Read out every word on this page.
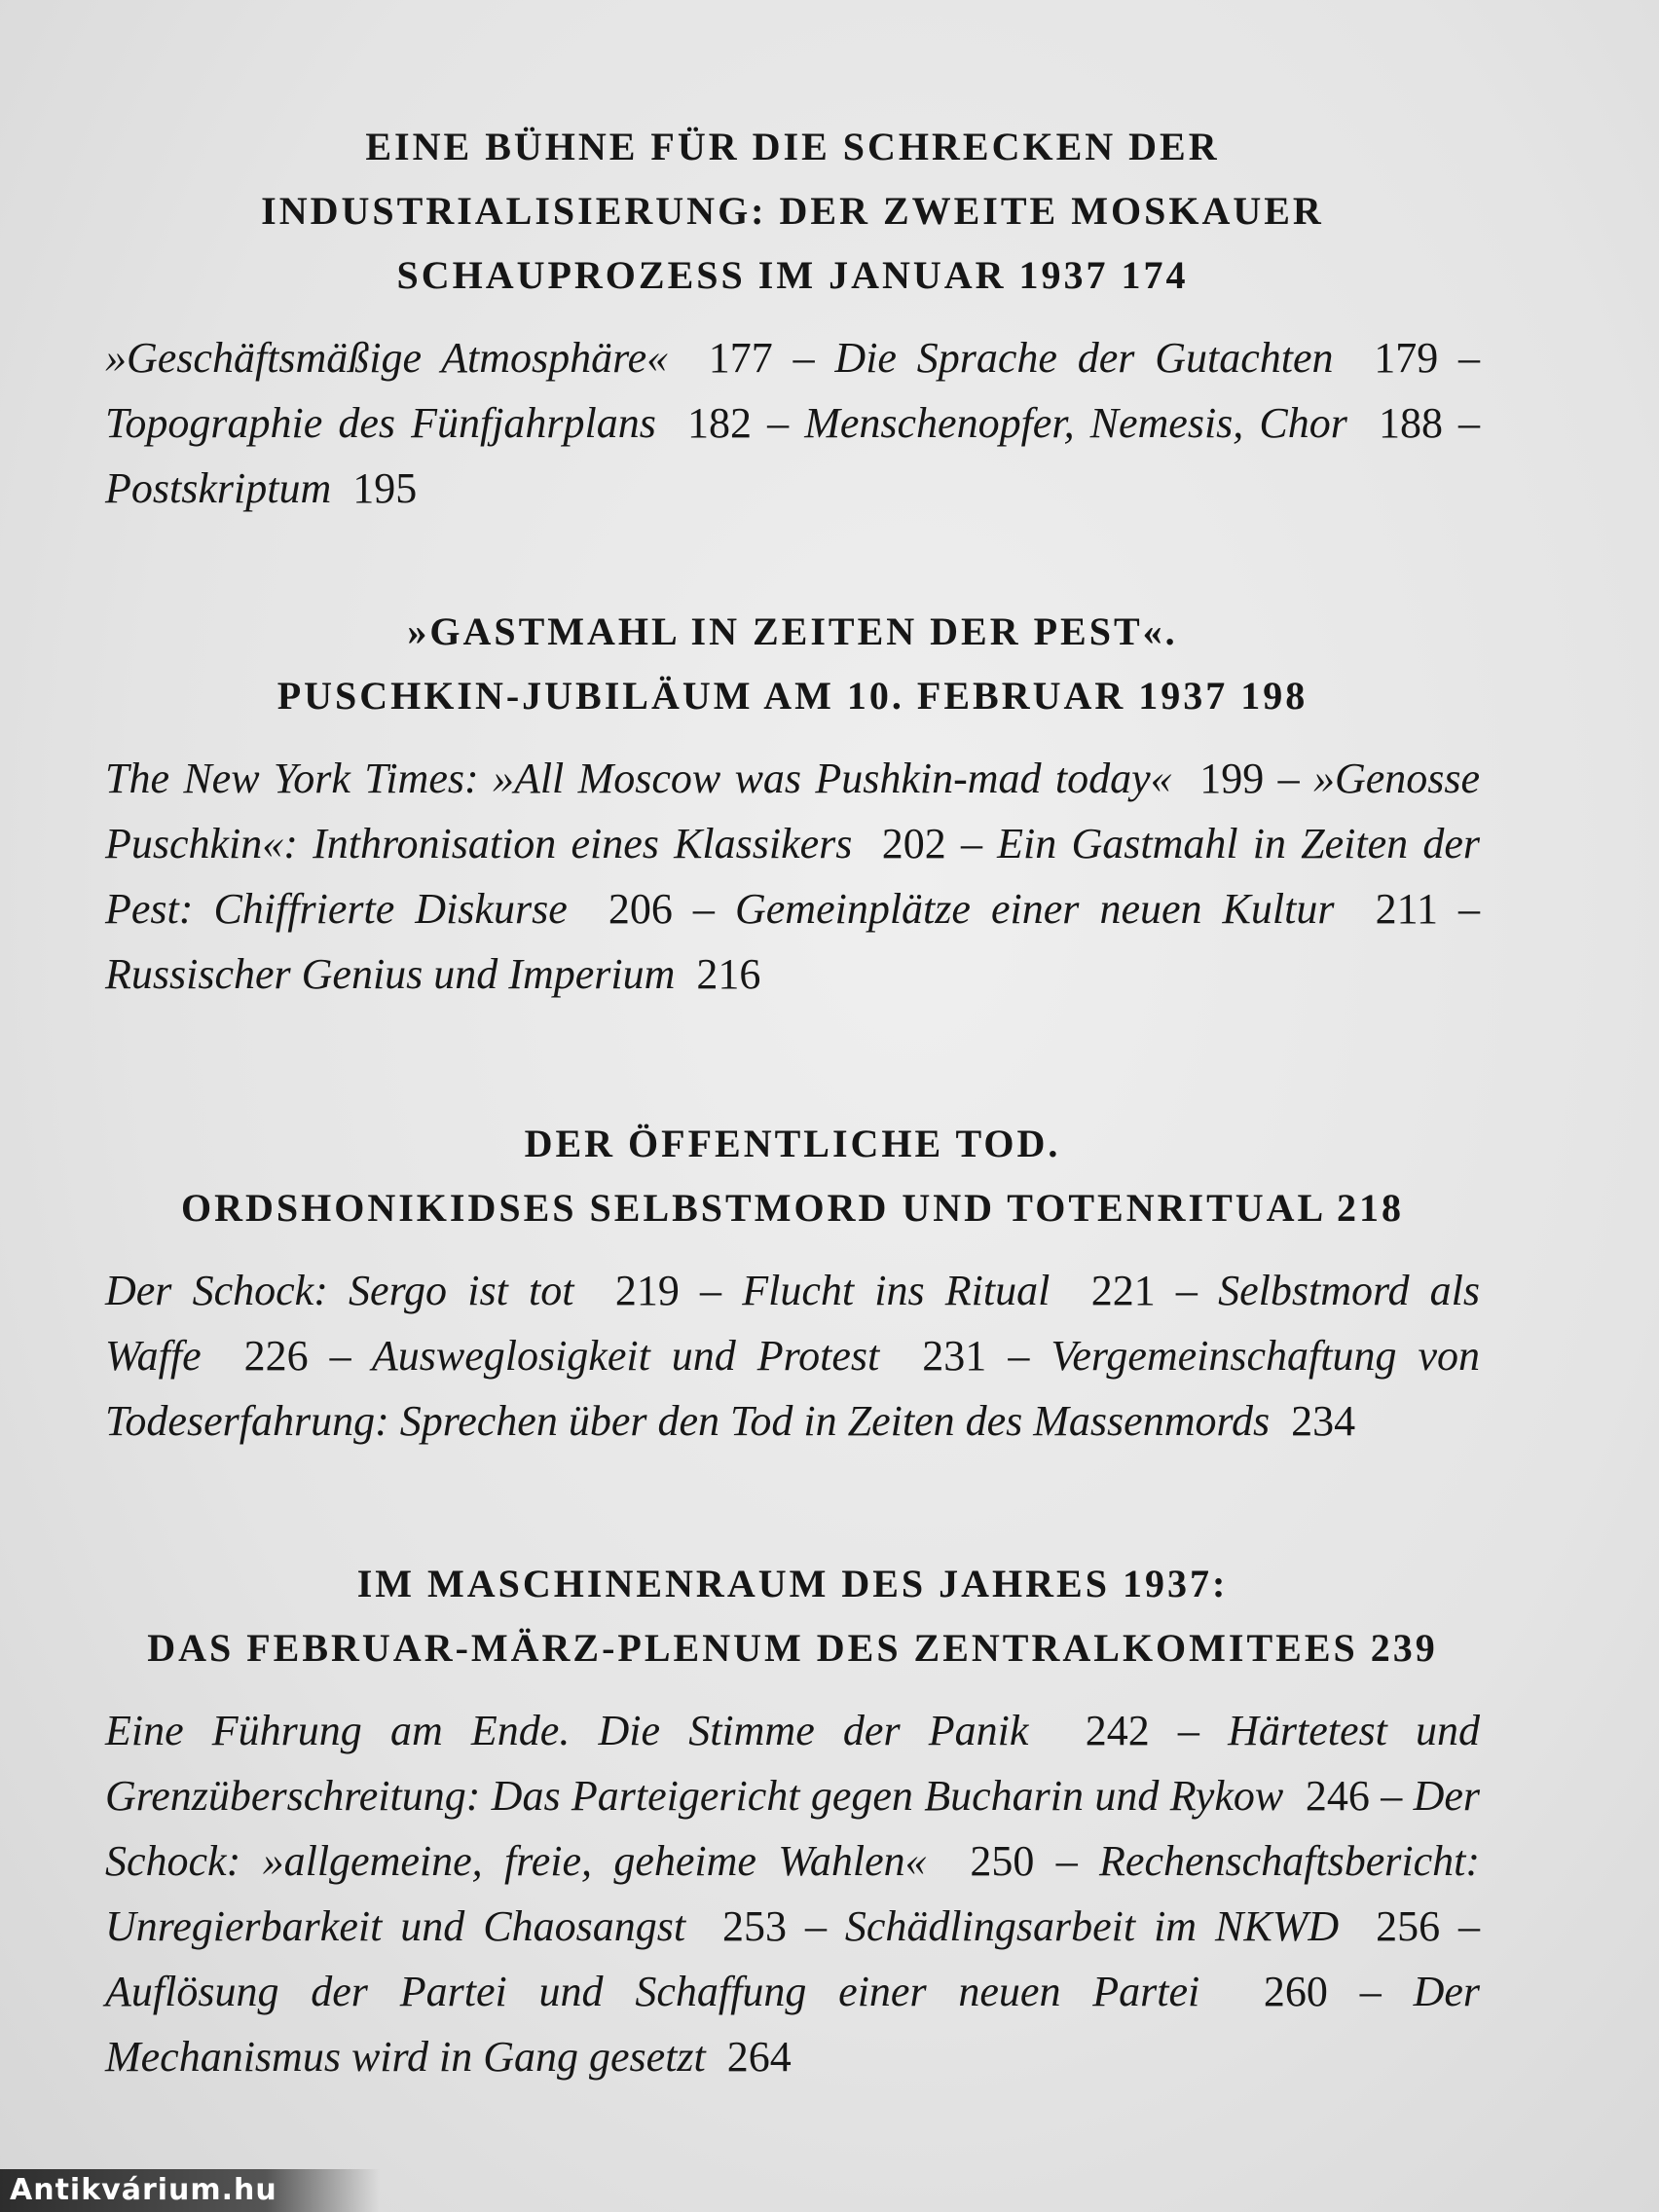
EINE BÜHNE FÜR DIE SCHRECKEN DER
INDUSTRIALISIERUNG: DER ZWEITE MOSKAUER
SCHAUPROZESS IM JANUAR 1937 174

»Geschäftsmäßige Atmosphäre« 177 – Die Sprache der Gutachten 179 – Topographie des Fünfjahrplans 182 – Menschenopfer, Nemesis, Chor 188 – Postskriptum 195

»GASTMAHL IN ZEITEN DER PEST«.
PUSCHKIN-JUBILÄUM AM 10. FEBRUAR 1937 198

The New York Times: »All Moscow was Pushkin-mad today« 199 – »Genosse Puschkin«: Inthronisation eines Klassikers 202 – Ein Gastmahl in Zeiten der Pest: Chiffrierte Diskurse 206 – Gemeinplätze einer neuen Kultur 211 – Russischer Genius und Imperium 216

DER ÖFFENTLICHE TOD.
ORDSHONIKIDSES SELBSTMORD UND TOTENRITUAL 218

Der Schock: Sergo ist tot 219 – Flucht ins Ritual 221 – Selbstmord als Waffe 226 – Ausweglosigkeit und Protest 231 – Vergemeinschaftung von Todeserfahrung: Sprechen über den Tod in Zeiten des Massenmords 234

IM MASCHINENRAUM DES JAHRES 1937:
DAS FEBRUAR-MÄRZ-PLENUM DES ZENTRALKOMITEES 239

Eine Führung am Ende. Die Stimme der Panik 242 – Härtetest und Grenzüberschreitung: Das Parteigericht gegen Bucharin und Rykow 246 – Der Schock: »allgemeine, freie, geheime Wahlen« 250 – Rechenschaftsbericht: Unregierbarkeit und Chaosangst 253 – Schädlingsarbeit im NKWD 256 – Auflösung der Partei und Schaffung einer neuen Partei 260 – Der Mechanismus wird in Gang gesetzt 264

Antikvárium.hu
